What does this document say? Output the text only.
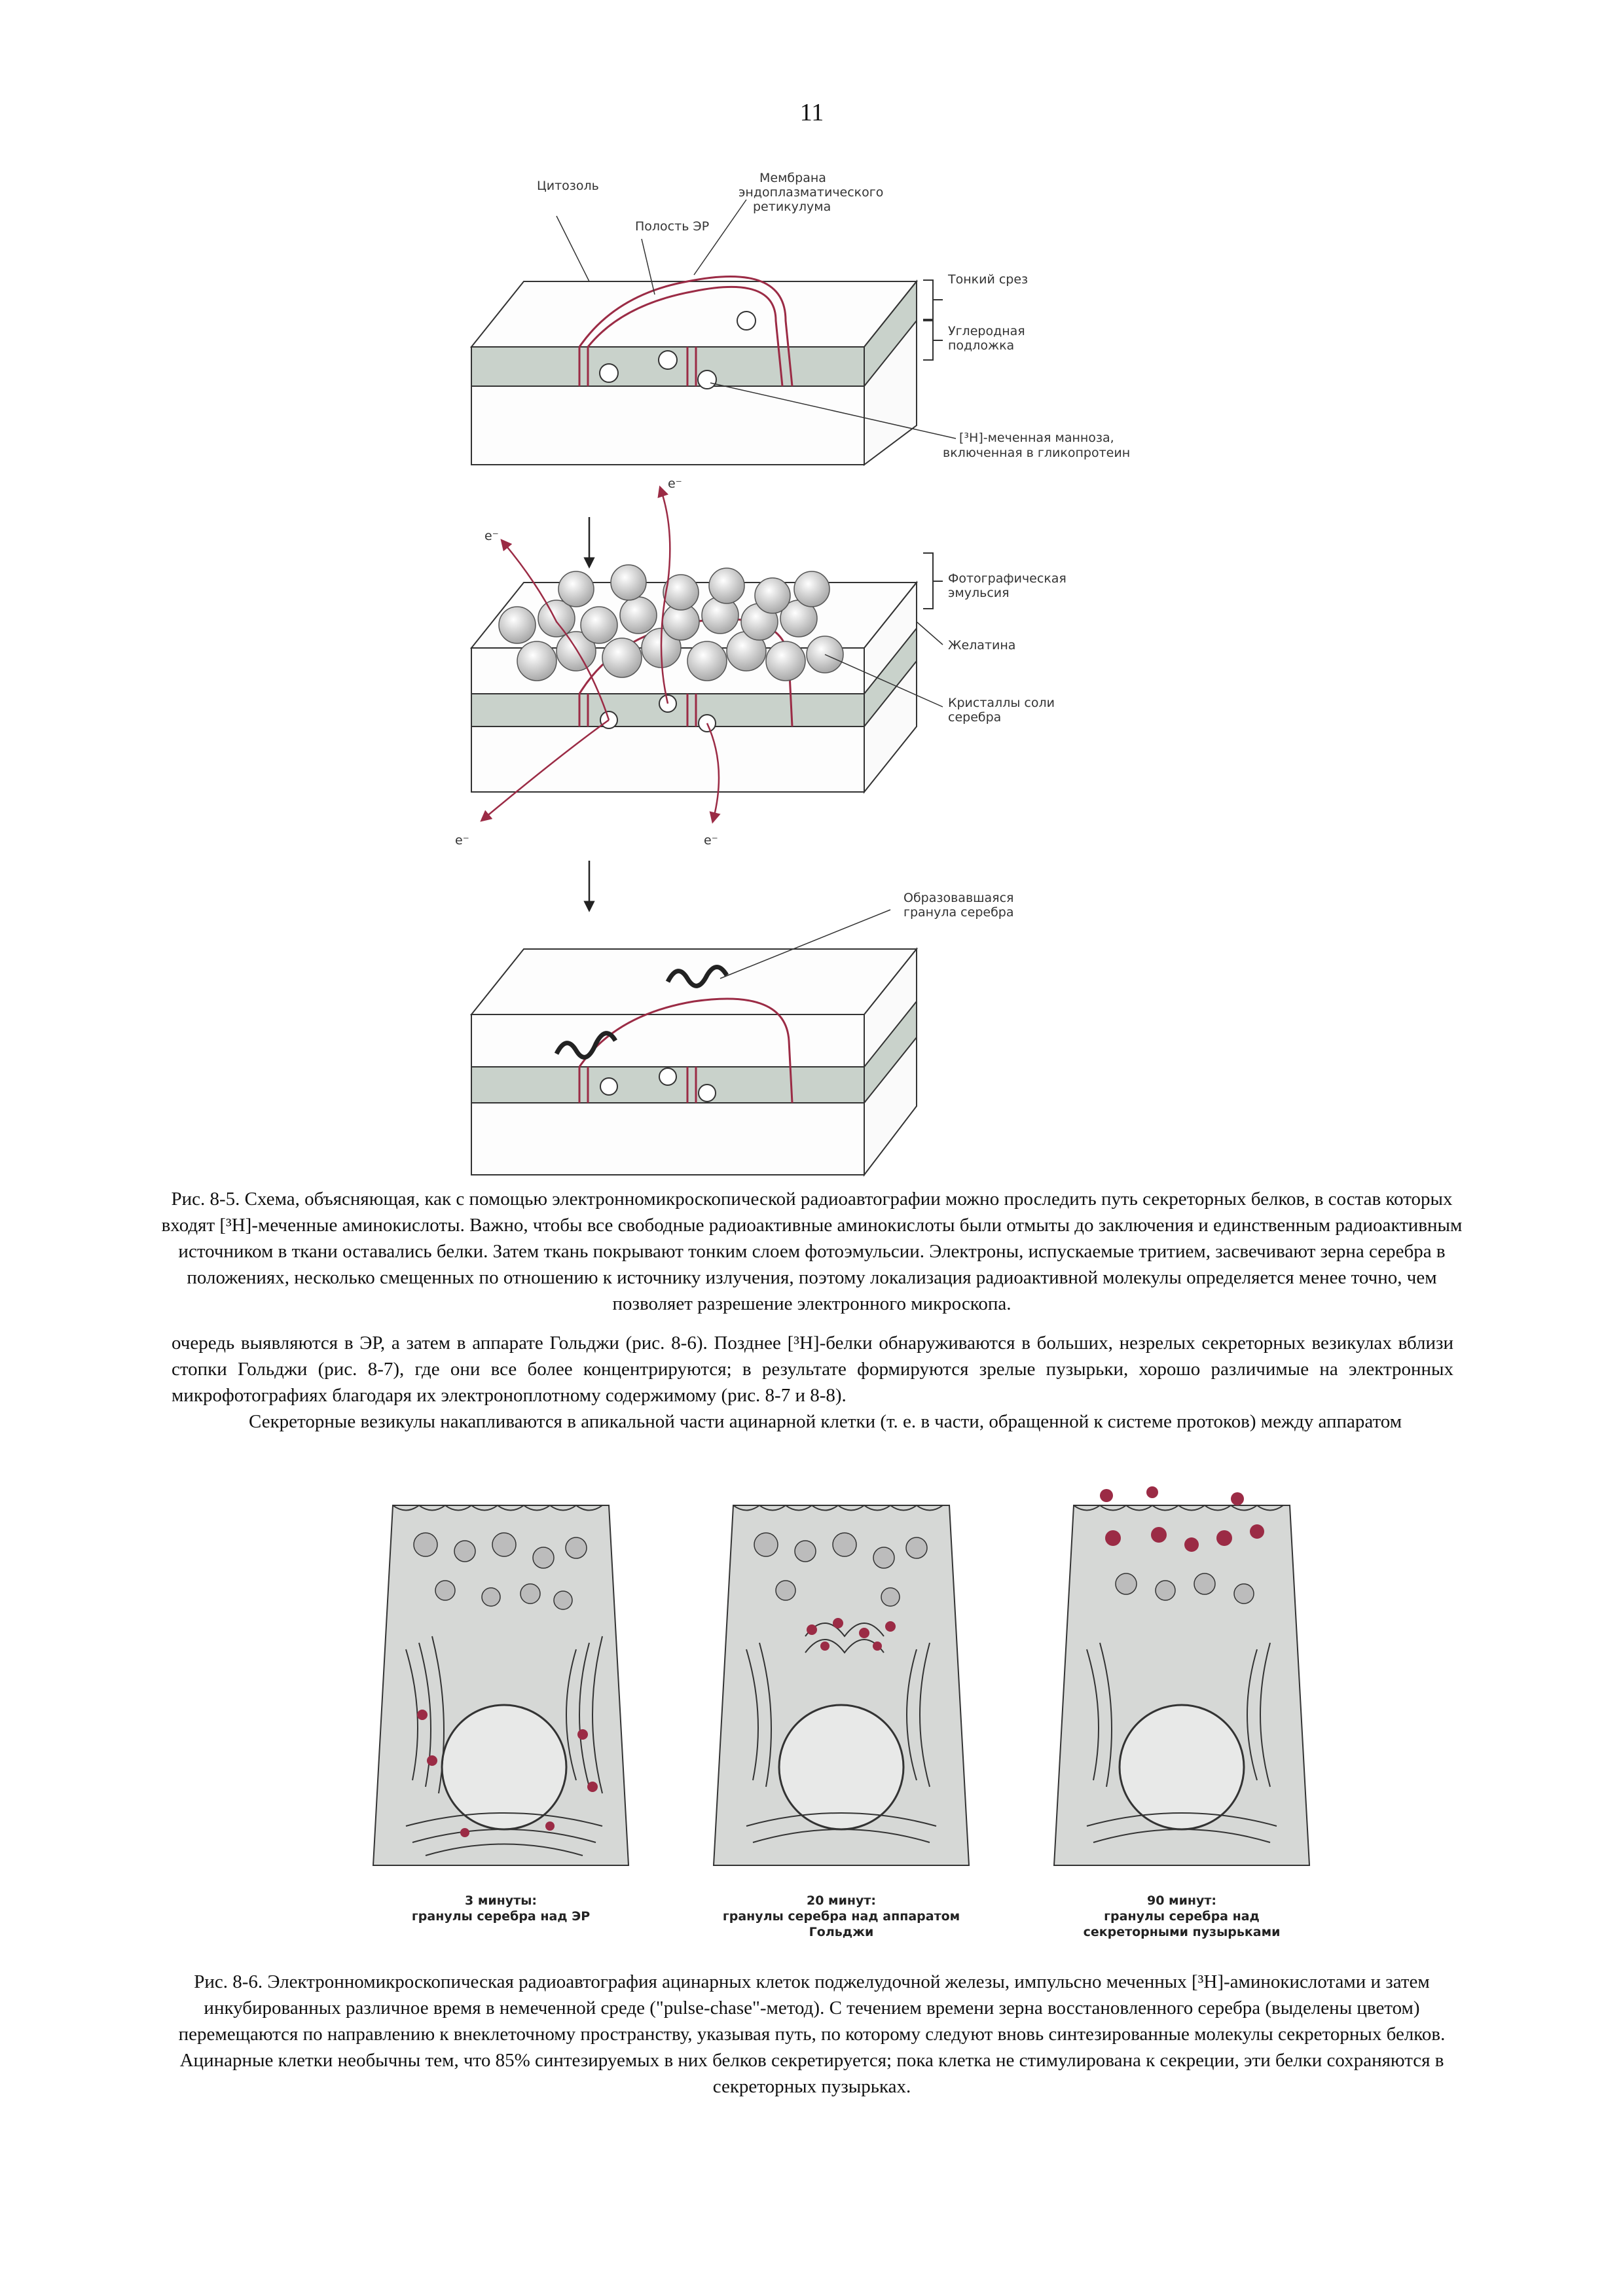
11
Цитозоль
Полость ЭР
Мембрана
эндоплазматического
ретикулума
Тонкий срез
Углеродная
подложка
[³H]-меченная манноза,
включенная в гликопротеин
e⁻
e⁻
e⁻	e⁻
Фотографическая
эмульсия
Желатина
Кристаллы соли
серебра
Образовавшаяся
гранула серебра
Рис. 8-5. Схема, объясняющая, как с помощью электронномикроскопической радиоавтографии можно проследить путь секреторных белков, в состав которых входят [³H]-меченные аминокислоты. Важно, чтобы все свободные радиоактивные аминокислоты были отмыты до заключения и единственным радиоактивным источником в ткани оставались белки. Затем ткань покрывают тонким слоем фотоэмульсии. Электроны, испускаемые тритием, засвечивают зерна серебра в положениях, несколько смещенных по отношению к источнику излучения, поэтому локализация радиоактивной молекулы определяется менее точно, чем позволяет разрешение электронного микроскопа.

очередь выявляются в ЭР, а затем в аппарате Гольджи (рис. 8-6). Позднее [³H]-белки обнаруживаются в больших, незрелых секреторных везикулах вблизи стопки Гольджи (рис. 8-7), где они все более концентрируются; в результате формируются зрелые пузырьки, хорошо различимые на электронных микрофотографиях благодаря их электроноплотному содержимому (рис. 8-7 и 8-8).

Секреторные везикулы накапливаются в апикальной части ацинарной клетки (т. е. в части, обращенной к системе протоков) между аппаратом

3 минуты:
гранулы серебра над ЭР
20 минут:
гранулы серебра над аппаратом
Гольджи
90 минут:
гранулы серебра над
секреторными пузырьками
Рис. 8-6. Электронномикроскопическая радиоавтография ацинарных клеток поджелудочной железы, импульсно меченных [³H]-аминокислотами и затем инкубированных различное время в немеченной среде ("pulse-chase"-метод). С течением времени зерна восстановленного серебра (выделены цветом) перемещаются по направлению к внеклеточному пространству, указывая путь, по которому следуют вновь синтезированные молекулы секреторных белков. Ацинарные клетки необычны тем, что 85% синтезируемых в них белков секретируется; пока клетка не стимулирована к секреции, эти белки сохраняются в секреторных пузырьках.
